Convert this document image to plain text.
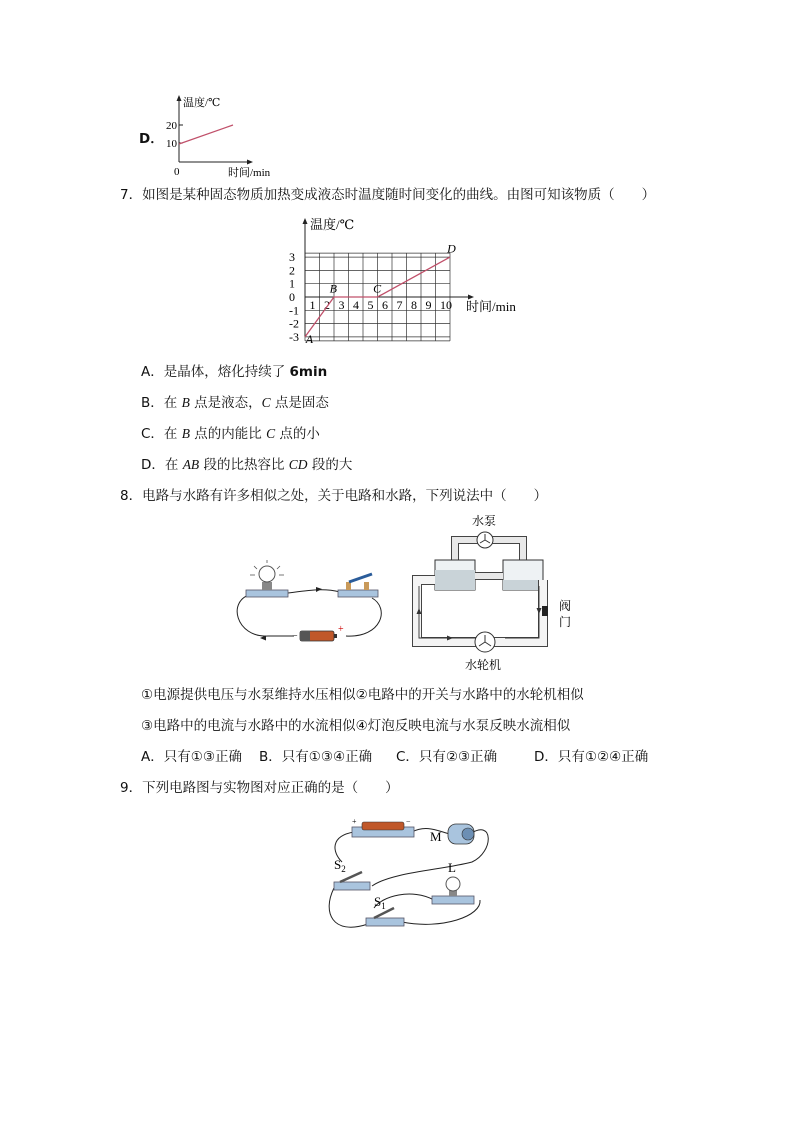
D．
温度/℃
20
10
0	时间/min
7．如图是某种固态物质加热变成液态时温度随时间变化的曲线。由图可知该物质（　　）
3
2
1
0
-1
-2
-3
1 2 3 4 5 6 7 8 9 10
温度/℃
时间/min
A
B	C
D
A．是晶体，熔化持续了 6min
B．在 B 点是液态，C 点是固态
C．在 B 点的内能比 C 点的小
D．在 AB 段的比热容比 CD 段的大
8．电路与水路有许多相似之处，关于电路和水路，下列说法中（　　）
−
+
水泵
阀
门
水轮机
①电源提供电压与水泵维持水压相似②电路中的开关与水路中的水轮机相似
③电路中的电流与水路中的水流相似④灯泡反映电流与水泵反映水流相似
A．只有①③正确 B．只有①③④正确 C．只有②③正确	D．只有①②④正确
9．下列电路图与实物图对应正确的是（　　）
+	−
M
$S_2$	L
$S_1$
